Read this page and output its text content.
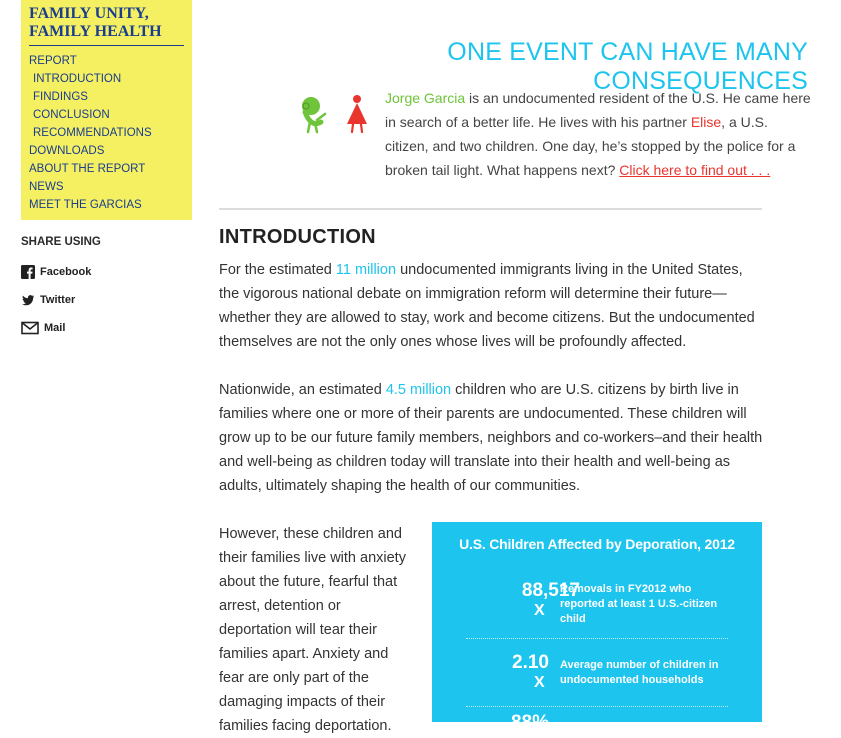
FAMILY UNITY,
FAMILY HEALTH
REPORT
INTRODUCTION
FINDINGS
CONCLUSION
RECOMMENDATIONS
DOWNLOADS
ABOUT THE REPORT
NEWS
MEET THE GARCIAS
SHARE USING
Facebook
Twitter
Mail
ONE EVENT CAN HAVE MANY CONSEQUENCES

Jorge Garcia is an undocumented resident of the U.S. He came here in search of a better life. He lives with his partner Elise, a U.S. citizen, and two children. One day, he’s stopped by the police for a broken tail light. What happens next? Click here to find out . . .

INTRODUCTION

For the estimated 11 million undocumented immigrants living in the United States, the vigorous national debate on immigration reform will determine their future—whether they are allowed to stay, work and become citizens. But the undocumented themselves are not the only ones whose lives will be profoundly affected.

Nationwide, an estimated 4.5 million children who are U.S. citizens by birth live in families where one or more of their parents are undocumented. These children will grow up to be our future family members, neighbors and co-workers–and their health and well-being as children today will translate into their health and well-being as adults, ultimately shaping the health of our communities.

However, these children and their families live with anxiety about the future, fearful that arrest, detention or deportation will tear their families apart. Anxiety and fear are only part of the damaging impacts of their families facing deportation.

U.S. Children Affected by Deporation, 2012
88,517
X
Removals in FY2012 who reported at least 1 U.S.-citizen child
2.10
X
Average number of children in undocumented households
88%
